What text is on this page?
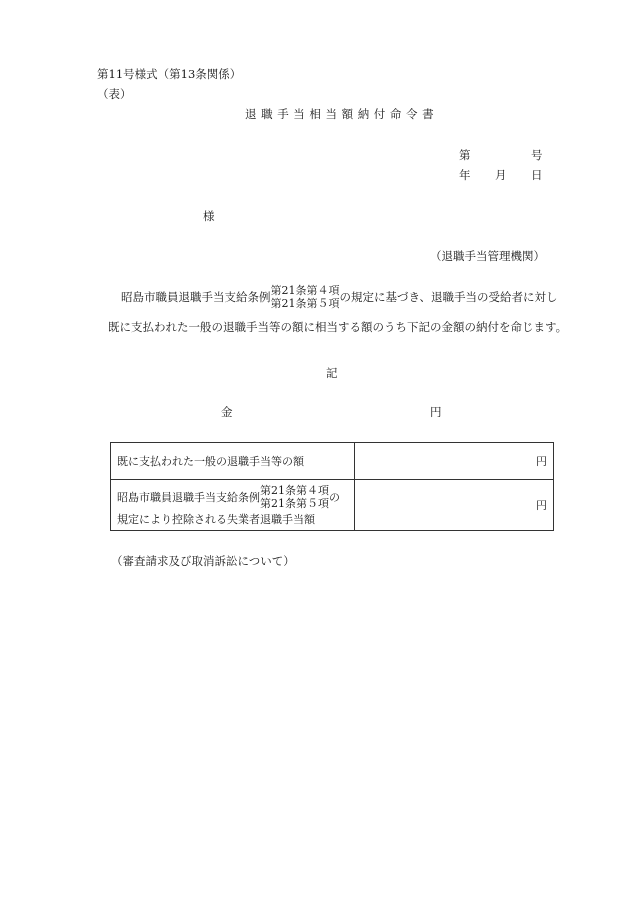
第11号様式（第13条関係）
（表）
退職手当相当額納付命令書
第	号
年 月 日
様
（退職手当管理機関）
昭島市職員退職手当支給条例 第21条第４項
第21条第５項 の規定に基づき、退職手当の受給者に対し
既に支払われた一般の退職手当等の額に相当する額のうち下記の金額の納付を命じます。
記
金	円
既に支払われた一般の退職手当等の額	円

昭島市職員退職手当支給条例
第21条第４項
第21条第５項 の
規定により控除される失業者退職手当額	円
（審査請求及び取消訴訟について）
